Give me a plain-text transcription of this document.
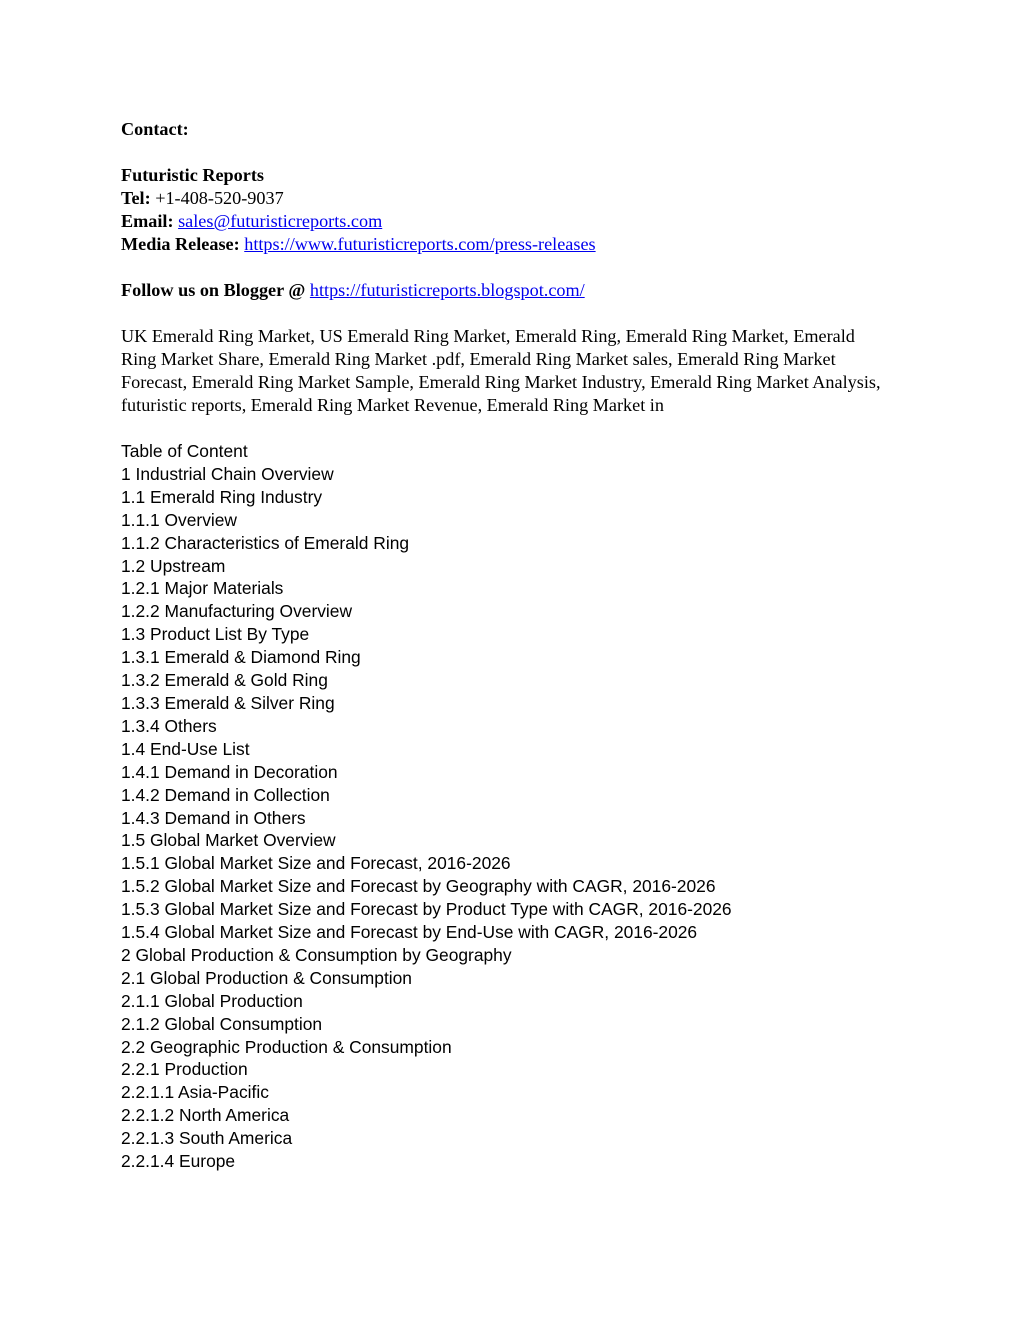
Contact:
Futuristic Reports
Tel: +1-408-520-9037
Email: sales@futuristicreports.com
Media Release: https://www.futuristicreports.com/press-releases
Follow us on Blogger @ https://futuristicreports.blogspot.com/
UK Emerald Ring Market, US Emerald Ring Market, Emerald Ring, Emerald Ring Market, Emerald Ring Market Share, Emerald Ring Market .pdf, Emerald Ring Market sales, Emerald Ring Market Forecast, Emerald Ring Market Sample, Emerald Ring Market Industry, Emerald Ring Market Analysis, futuristic reports, Emerald Ring Market Revenue, Emerald Ring Market in
Table of Content
1 Industrial Chain Overview
1.1 Emerald Ring Industry
1.1.1 Overview
1.1.2 Characteristics of Emerald Ring
1.2 Upstream
1.2.1 Major Materials
1.2.2 Manufacturing Overview
1.3 Product List By Type
1.3.1 Emerald & Diamond Ring
1.3.2 Emerald & Gold Ring
1.3.3 Emerald & Silver Ring
1.3.4 Others
1.4 End-Use List
1.4.1 Demand in Decoration
1.4.2 Demand in Collection
1.4.3 Demand in Others
1.5 Global Market Overview
1.5.1 Global Market Size and Forecast, 2016-2026
1.5.2 Global Market Size and Forecast by Geography with CAGR, 2016-2026
1.5.3 Global Market Size and Forecast by Product Type with CAGR, 2016-2026
1.5.4 Global Market Size and Forecast by End-Use with CAGR, 2016-2026
2 Global Production & Consumption by Geography
2.1 Global Production & Consumption
2.1.1 Global Production
2.1.2 Global Consumption
2.2 Geographic Production & Consumption
2.2.1 Production
2.2.1.1 Asia-Pacific
2.2.1.2 North America
2.2.1.3 South America
2.2.1.4 Europe
